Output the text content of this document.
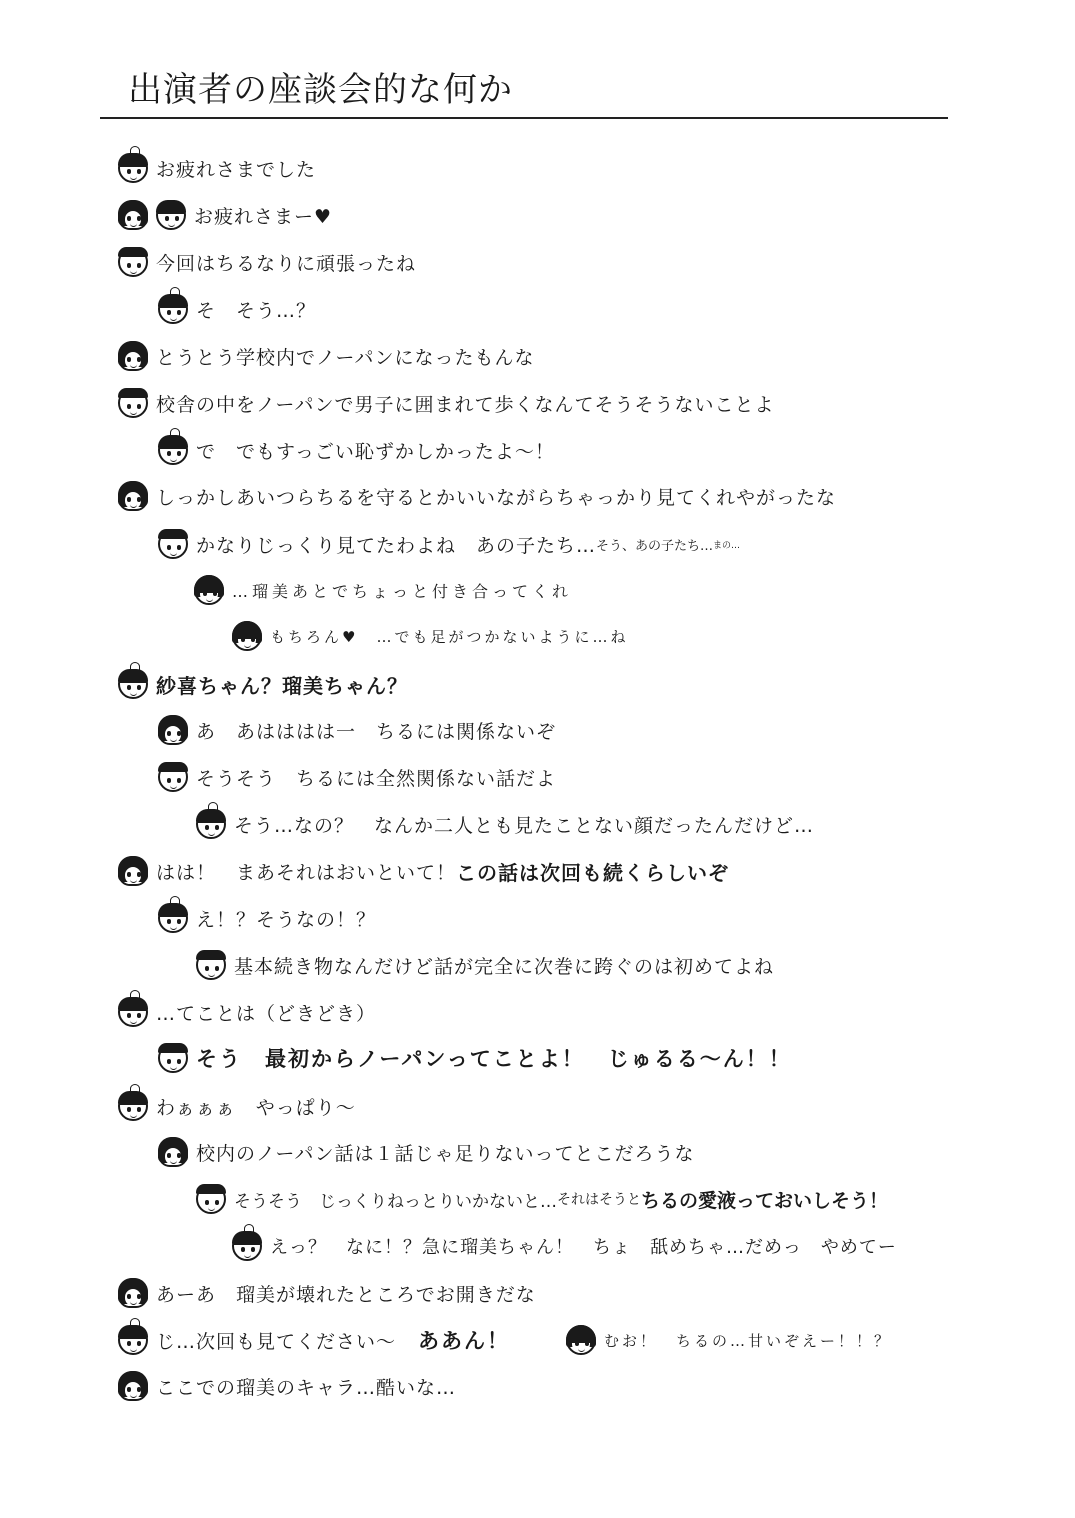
出演者の座談会的な何か
お疲れさまでした
お疲れさまー♥
今回はちるなりに頑張ったね
そ　そう…？
とうとう学校内でノーパンになったもんな
校舎の中をノーパンで男子に囲まれて歩くなんてそうそうないことよ
で　でもすっごい恥ずかしかったよ～！
しっかしあいつらちるを守るとかいいながらちゃっかり見てくれやがったな
かなりじっくり見てたわよね　あの子たち… そう、あの子たち… まの…
…瑠美あとでちょっと付き合ってくれ
もちろん♥　…でも足がつかないように…ね
紗喜ちゃん？瑠美ちゃん？
あ　あはははは一　ちるには関係ないぞ
そうそう　ちるには全然関係ない話だよ
そう…なの？　なんか二人とも見たことない顔だったんだけど…
はは！　まあそれはおいといて！ この話は次回も続くらしいぞ
え！？そうなの！？
基本続き物なんだけど話が完全に次巻に跨ぐのは初めてよね
…てことは（どきどき）
そう　最初からノーパンってことよ！　じゅるる～ん！！
わぁぁぁ　やっぱり～
校内のノーパン話は１話じゃ足りないってとこだろうな
そうそう　じっくりねっとりいかないと… それはそうと ちるの愛液っておいしそう！
えっ？　なに！？急に瑠美ちゃん！　ちょ　舐めちゃ…だめっ　やめてー
あーあ　瑠美が壊れたところでお開きだな
じ…次回も見てください～ ああん！	むお！　ちるの…甘いぞえー！！？
ここでの瑠美のキャラ…酷いな…
